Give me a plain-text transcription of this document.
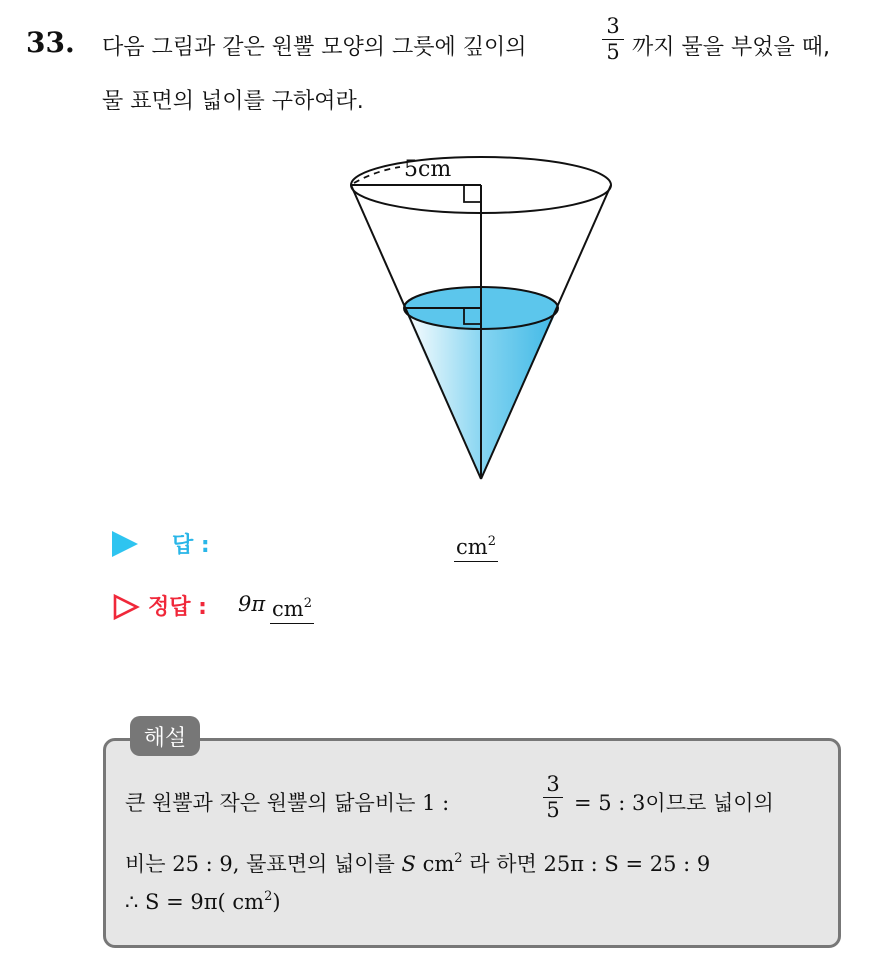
33. 다음 그림과 같은 원뿔 모양의 그릇에 깊이의
3
5 까지 물을 부었을 때,
물 표면의 넓이를 구하여라.
5cm
답 :	$cm^2$
정답 : 9π $cm^2$
해설
큰 원뿔과 작은 원뿔의 닮음비는 1 :
3
5 = 5 : 3이므로 넓이의
비는 25 : 9, 물표면의 넓이를 S $cm^2$ 라 하면 25π : S = 25 : 9
∴ S = 9π( $cm^2$)
